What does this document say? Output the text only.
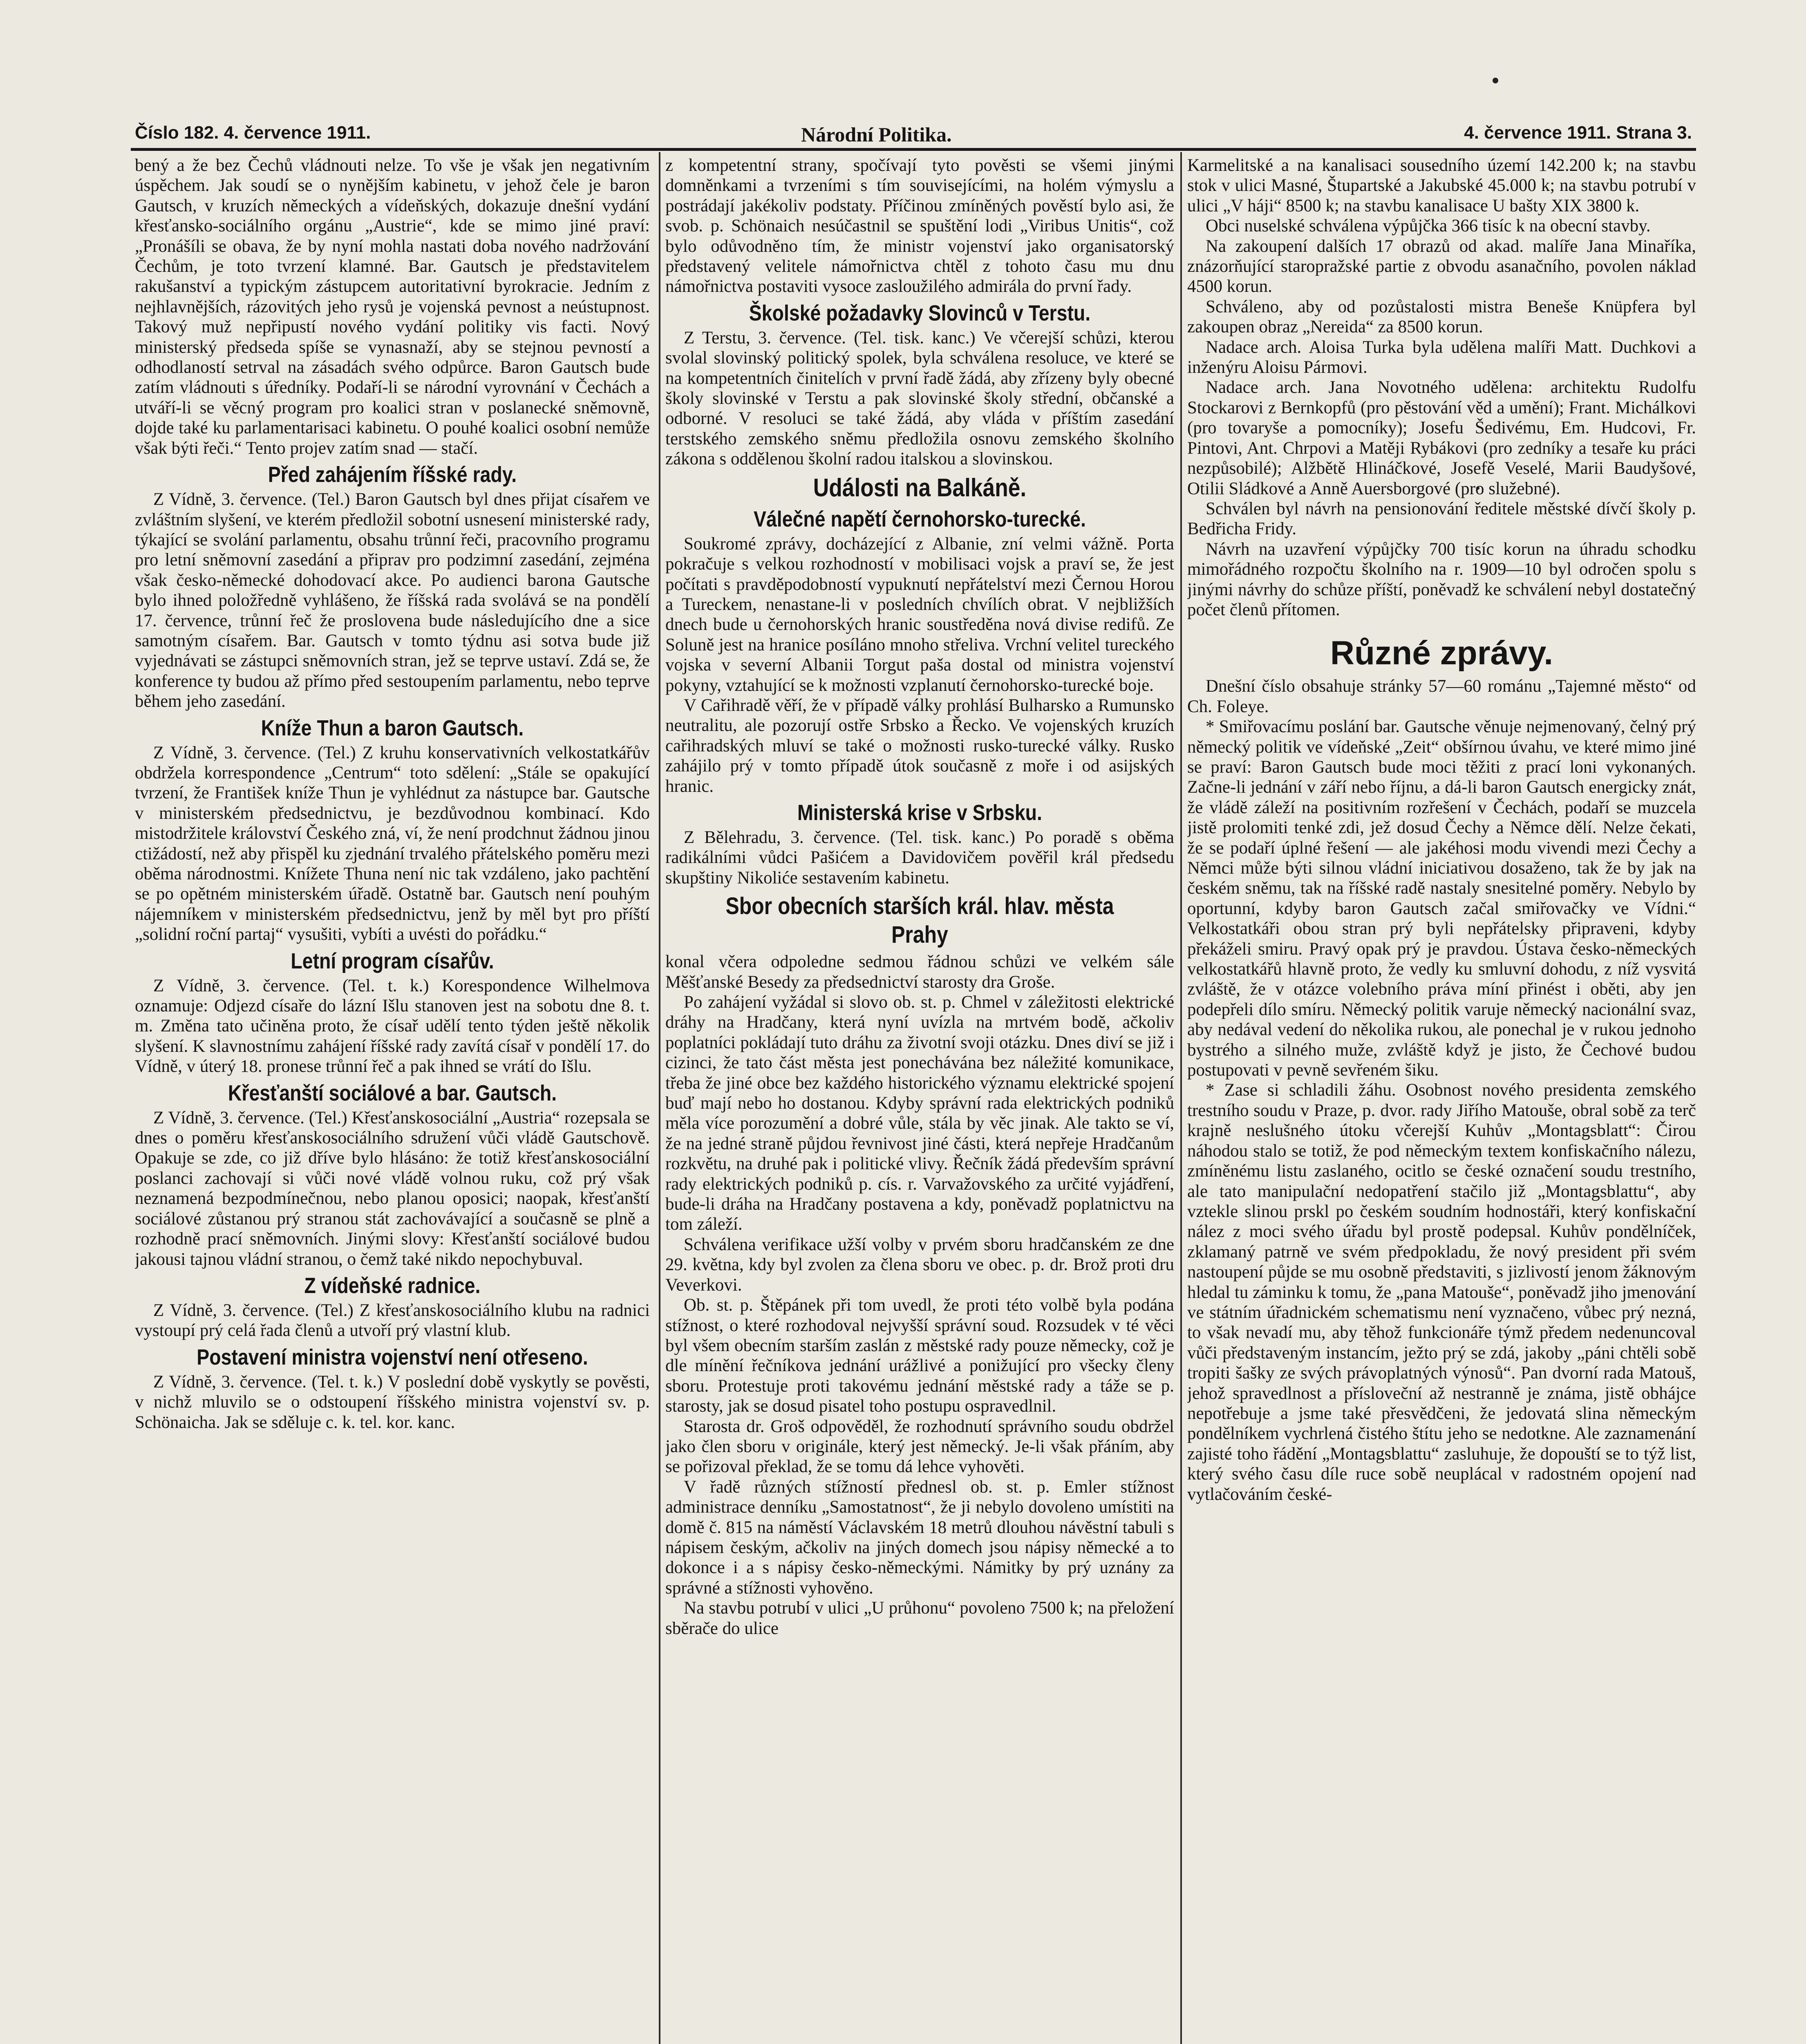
Číslo 182. 4. července 1911.	Národní Politika.	4. července 1911. Strana 3.

bený a že bez Čechů vládnouti nelze. To vše je však jen negativním úspěchem. Jak soudí se o nynějším kabinetu, v jehož čele je baron Gautsch, v kruzích německých a vídeňských, dokazuje dnešní vydání křesťansko-sociálního orgánu „Austrie“, kde se mimo jiné praví: „Pronášíli se obava, že by nyní mohla nastati doba nového nadržování Čechům, je toto tvrzení klamné. Bar. Gautsch je představitelem rakušanství a typickým zástupcem autoritativní byrokracie. Jedním z nejhlavnějších, rázovitých jeho rysů je vojenská pevnost a neústupnost. Takový muž nepřipustí nového vydání politiky vis facti. Nový ministerský předseda spíše se vynasnaží, aby se stejnou pevností a odhodlaností setrval na zásadách svého odpůrce. Baron Gautsch bude zatím vládnouti s úředníky. Podaří-li se národní vyrovnání v Čechách a utváří-li se věcný program pro koalici stran v poslanecké sněmovně, dojde také ku parlamentarisaci kabinetu. O pouhé koalici osobní nemůže však býti řeči.“ Tento projev zatím snad — stačí.

Před zahájením říšské rady.

Z Vídně, 3. července. (Tel.) Baron Gautsch byl dnes přijat císařem ve zvláštním slyšení, ve kterém předložil sobotní usnesení ministerské rady, týkající se svolání parlamentu, obsahu trůnní řeči, pracovního programu pro letní sněmovní zasedání a připrav pro podzimní zasedání, zejména však česko-německé dohodovací akce. Po audienci barona Gautsche bylo ihned položředně vyhlášeno, že říšská rada svolává se na pondělí 17. července, trůnní řeč že proslovena bude následujícího dne a sice samotným císařem. Bar. Gautsch v tomto týdnu asi sotva bude již vyjednávati se zástupci sněmovních stran, jež se teprve ustaví. Zdá se, že konference ty budou až přímo před sestoupením parlamentu, nebo teprve během jeho zasedání.

Kníže Thun a baron Gautsch.

Z Vídně, 3. července. (Tel.) Z kruhu konservativních velkostatkářův obdržela korrespondence „Centrum“ toto sdělení: „Stále se opakující tvrzení, že František kníže Thun je vyhlédnut za nástupce bar. Gautsche v ministerském předsednictvu, je bezdůvodnou kombinací. Kdo mistodržitele království Českého zná, ví, že není prodchnut žádnou jinou ctižádostí, než aby přispěl ku zjednání trvalého přátelského poměru mezi oběma národnostmi. Knížete Thuna není nic tak vzdáleno, jako pachtění se po opětném ministerském úřadě. Ostatně bar. Gautsch není pouhým nájemníkem v ministerském předsednictvu, jenž by měl byt pro příští „solidní roční partaj“ vysušiti, vybíti a uvésti do pořádku.“

Letní program císařův.

Z Vídně, 3. července. (Tel. t. k.) Korespondence Wilhelmova oznamuje: Odjezd císaře do lázní Išlu stanoven jest na sobotu dne 8. t. m. Změna tato učiněna proto, že císař udělí tento týden ještě několik slyšení. K slavnostnímu zahájení říšské rady zavítá císař v pondělí 17. do Vídně, v úterý 18. pronese trůnní řeč a pak ihned se vrátí do Išlu.

Křesťanští sociálové a bar. Gautsch.

Z Vídně, 3. července. (Tel.) Křesťanskosociální „Austria“ rozepsala se dnes o poměru křesťanskosociálního sdružení vůči vládě Gautschově. Opakuje se zde, co již dříve bylo hlásáno: že totiž křesťanskosociální poslanci zachovají si vůči nové vládě volnou ruku, což prý však neznamená bezpodmínečnou, nebo planou oposici; naopak, křesťanští sociálové zůstanou prý stranou stát zachovávající a současně se plně a rozhodně prací sněmovních. Jinými slovy: Křesťanští sociálové budou jakousi tajnou vládní stranou, o čemž také nikdo nepochybuval.

Z vídeňské radnice.

Z Vídně, 3. července. (Tel.) Z křesťanskosociálního klubu na radnici vystoupí prý celá řada členů a utvoří prý vlastní klub.

Postavení ministra vojenství není otřeseno.

Z Vídně, 3. července. (Tel. t. k.) V poslední době vyskytly se pověsti, v nichž mluvilo se o odstoupení říšského ministra vojenství sv. p. Schönaicha. Jak se sděluje c. k. tel. kor. kanc.

z kompetentní strany, spočívají tyto pověsti se všemi jinými domněnkami a tvrzeními s tím souvisejícími, na holém výmyslu a postrádají jakékoliv podstaty. Příčinou zmíněných pověstí bylo asi, že svob. p. Schönaich nesúčastnil se spuštění lodi „Viribus Unitis“, což bylo odůvodněno tím, že ministr vojenství jako organisatorský představený velitele námořnictva chtěl z tohoto času mu dnu námořnictva postaviti vysoce zasloužilého admirála do první řady.

Školské požadavky Slovinců v Terstu.

Z Terstu, 3. července. (Tel. tisk. kanc.) Ve včerejší schůzi, kterou svolal slovinský politický spolek, byla schválena resoluce, ve které se na kompetentních činitelích v první řadě žádá, aby zřízeny byly obecné školy slovinské v Terstu a pak slovinské školy střední, občanské a odborné. V resoluci se také žádá, aby vláda v příštím zasedání terstského zemského sněmu předložila osnovu zemského školního zákona s oddělenou školní radou italskou a slovinskou.

Události na Balkáně.
Válečné napětí černohorsko-turecké.

Soukromé zprávy, docházející z Albanie, zní velmi vážně. Porta pokračuje s velkou rozhodností v mobilisaci vojsk a praví se, že jest počítati s pravděpodobností vypuknutí nepřátelství mezi Černou Horou a Tureckem, nenastane-li v posledních chvílích obrat. V nejbližších dnech bude u černohorských hranic soustředěna nová divise redifů. Ze Soluně jest na hranice posíláno mnoho střeliva. Vrchní velitel tureckého vojska v severní Albanii Torgut paša dostal od ministra vojenství pokyny, vztahující se k možnosti vzplanutí černohorsko-turecké boje.

V Cařihradě věří, že v případě války prohlásí Bulharsko a Rumunsko neutralitu, ale pozorují ostře Srbsko a Řecko. Ve vojenských kruzích cařihradských mluví se také o možnosti rusko-turecké války. Rusko zahájilo prý v tomto případě útok současně z moře i od asijských hranic.

Ministerská krise v Srbsku.

Z Bělehradu, 3. července. (Tel. tisk. kanc.) Po poradě s oběma radikálními vůdci Pašićem a Davidovičem pověřil král předsedu skupštiny Nikoliće sestavením kabinetu.

Sbor obecních starších král. hlav. města Prahy

konal včera odpoledne sedmou řádnou schůzi ve velkém sále Měšťanské Besedy za předsednictví starosty dra Groše.

Po zahájení vyžádal si slovo ob. st. p. Chmel v záležitosti elektrické dráhy na Hradčany, která nyní uvízla na mrtvém bodě, ačkoliv poplatníci pokládají tuto dráhu za životní svoji otázku. Dnes diví se již i cizinci, že tato část města jest ponechávána bez náležité komunikace, třeba že jiné obce bez každého historického významu elektrické spojení buď mají nebo ho dostanou. Kdyby správní rada elektrických podniků měla více porozumění a dobré vůle, stála by věc jinak. Ale takto se ví, že na jedné straně půjdou řevnivost jiné části, která nepřeje Hradčanům rozkvětu, na druhé pak i politické vlivy. Řečník žádá především správní rady elektrických podniků p. cís. r. Varvažovského za určité vyjádření, bude-li dráha na Hradčany postavena a kdy, poněvadž poplatnictvu na tom záleží.

Schválena verifikace užší volby v prvém sboru hradčanském ze dne 29. května, kdy byl zvolen za člena sboru ve obec. p. dr. Brož proti dru Veverkovi.

Ob. st. p. Štěpánek při tom uvedl, že proti této volbě byla podána stížnost, o které rozhodoval nejvyšší správní soud. Rozsudek v té věci byl všem obecním starším zaslán z městské rady pouze německy, což je dle mínění řečníkova jednání urážlivé a ponižující pro všecky členy sboru. Protestuje proti takovému jednání městské rady a táže se p. starosty, jak se dosud pisatel toho postupu ospravedlnil.

Starosta dr. Groš odpověděl, že rozhodnutí správního soudu obdržel jako člen sboru v originále, který jest německý. Je-li však přáním, aby se pořizoval překlad, že se tomu dá lehce vyhověti.

V řadě různých stížností přednesl ob. st. p. Emler stížnost administrace denníku „Samostatnost“, že ji nebylo dovoleno umístiti na domě č. 815 na náměstí Václavském 18 metrů dlouhou návěstní tabuli s nápisem českým, ačkoliv na jiných domech jsou nápisy německé a to dokonce i a s nápisy česko-německými. Námitky by prý uznány za správné a stížnosti vyhověno.

Na stavbu potrubí v ulici „U průhonu“ povoleno 7500 k; na přeložení sběrače do ulice

Karmelitské a na kanalisaci sousedního území 142.200 k; na stavbu stok v ulici Masné, Štupartské a Jakubské 45.000 k; na stavbu potrubí v ulici „V háji“ 8500 k; na stavbu kanalisace U baštу XIX 3800 k.

Obci nuselské schválena výpůjčka 366 tisíc k na obecní stavby.

Na zakoupení dalších 17 obrazů od akad. malíře Jana Minaříka, znázorňující staropražské partie z obvodu asanačního, povolen náklad 4500 korun.

Schváleno, aby od pozůstalosti mistra Beneše Knüpfera byl zakoupen obraz „Nereida“ za 8500 korun.

Nadace arch. Aloisa Turka byla udělena malíři Matt. Duchkovi a inženýru Aloisu Pármovi.

Nadace arch. Jana Novotného udělena: architektu Rudolfu Stockarovi z Bernkopfů (pro pěstování věd a umění); Frant. Michálkovi (pro tovaryše a pomocníky); Josefu Šedivému, Em. Hudcovi, Fr. Pintovi, Ant. Chrpovi a Matěji Rybákovi (pro zedníky a tesaře ku práci nezpůsobilé); Alžbětě Hlináčkové, Josefě Veselé, Marii Baudyšové, Otilii Sládkové a Anně Auersborgové (pro služebné).

Schválen byl návrh na pensionování ředitele městské dívčí školy p. Bedřicha Fridy.

Návrh na uzavření výpůjčky 700 tisíc korun na úhradu schodku mimořádného rozpočtu školního na r. 1909—10 byl odročen spolu s jinými návrhy do schůze příští, poněvadž ke schválení nebyl dostatečný počet členů přítomen.

Různé zprávy.

Dnešní číslo obsahuje stránky 57—60 románu „Tajemné město“ od Ch. Foleye.

* Smiřovacímu poslání bar. Gautsche věnuje nejmenovaný, čelný prý německý politik ve vídeňské „Zeit“ obšírnou úvahu, ve které mimo jiné se praví: Baron Gautsch bude moci těžiti z prací loni vykonaných. Začne-li jednání v září nebo říjnu, a dá-li baron Gautsch energicky znát, že vládě záleží na positivním rozřešení v Čechách, podaří se muzcela jistě prolomiti tenké zdi, jež dosud Čechy a Němce dělí. Nelze čekati, že se podaří úplné řešení — ale jakéhosi modu vivendi mezi Čechy a Němci může býti silnou vládní iniciativou dosaženo, tak že by jak na českém sněmu, tak na říšské radě nastaly snesitelné poměry. Nebylo by oportunní, kdyby baron Gautsch začal smiřovačky ve Vídni.“ Velkostatkáři obou stran prý byli nepřátelsky připraveni, kdyby překáželi smiru. Pravý opak prý je pravdou. Ústava česko-německých velkostatkářů hlavně proto, že vedly ku smluvní dohodu, z níž vysvitá zvláště, že v otázce volebního práva míní přinést i oběti, aby jen podepřeli dílo smíru. Německý politik varuje německý nacionální svaz, aby nedával vedení do několika rukou, ale ponechal je v rukou jednoho bystrého a silného muže, zvláště když je jisto, že Čechové budou postupovati v pevně sevřeném šiku.

* Zase si schladili žáhu. Osobnost nového presidenta zemského trestního soudu v Praze, p. dvor. rady Jiřího Matouše, obral sobě za terč krajně neslušného útoku včerejší Kuhův „Montagsblatt“: Čirou náhodou stalo se totiž, že pod německým textem konfiskačního nálezu, zmíněnému listu zaslaného, ocitlo se české označení soudu trestního, ale tato manipulační nedopatření stačilo již „Montagsblattu“, aby vztekle slinou prskl po českém soudním hodnostáři, který konfiskační nález z moci svého úřadu byl prostě podepsal. Kuhův pondělníček, zklamaný patrně ve svém předpokladu, že nový president při svém nastoupení půjde se mu osobně představiti, s jizlivostí jenom žáknovým hledal tu záminku k tomu, že „pana Matouše“, poněvadž jiho jmenování ve státním úřadnickém schematismu není vyznačeno, vůbec prý nezná, to však nevadí mu, aby těhož funkcionáře týmž předem nedenuncoval vůči představeným instancím, ježto prý se zdá, jakoby „páni chtěli sobě tropiti šašky ze svých právoplatných výnosů“. Pan dvorní rada Matouš, jehož spravedlnost a přísloveční až nestranně je známa, jistě obhájce nepotřebuje a jsme také přesvědčeni, že jedovatá slina německým pondělníkem vychrlená čistého štítu jeho se nedotkne. Ale zaznamenání zajisté toho řádění „Montagsblattu“ zasluhuje, že dopouští se to týž list, který svého času díle ruce sobě neuplácal v radostném opojení nad vytlačováním české-
